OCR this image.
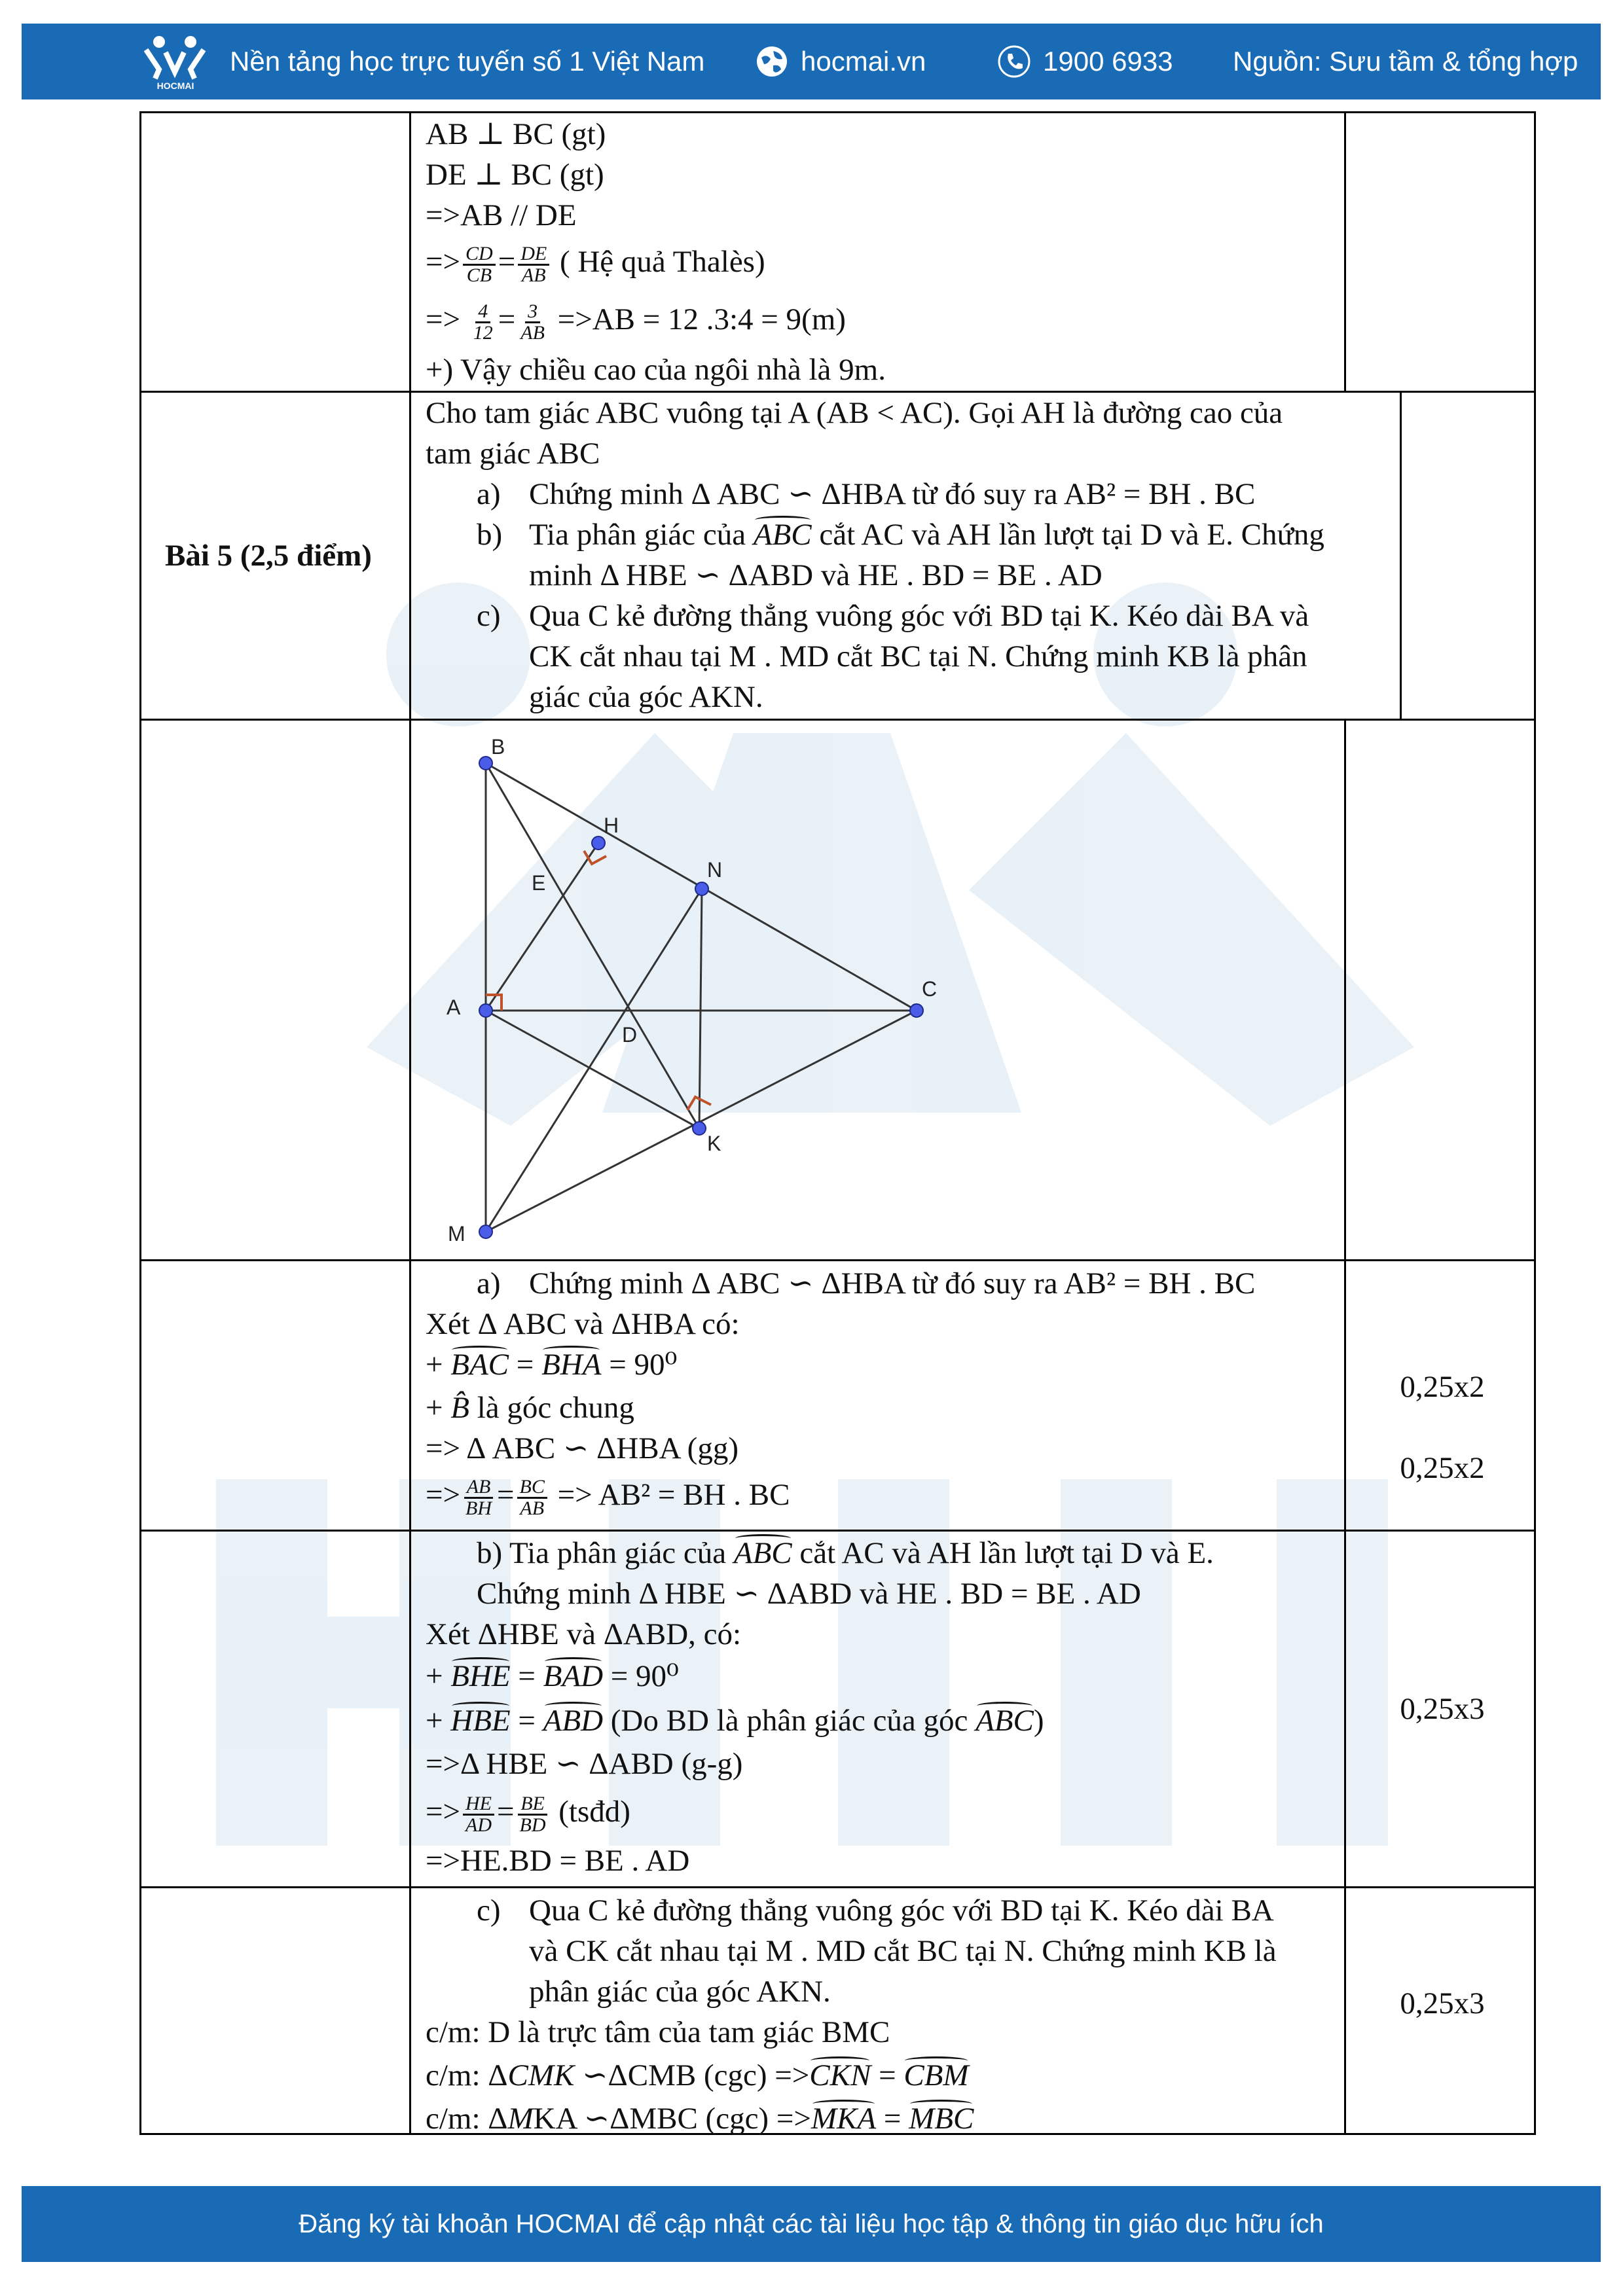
HOCMAI
Nền tảng học trực tuyến số 1 Việt Nam	hocmai.vn	1900 6933 Nguồn: Sưu tầm & tổng hợp
AB ⊥ BC (gt)
DE ⊥ BC (gt)
=>AB // DE
=> $\frac{CD}{CB} = \frac{DE}{AB}$ ( Hệ quả Thalès)
=> $\frac{4}{12} = \frac{3}{AB} =>AB = 12$ .3:4 = 9(m)
+) Vậy chiều cao của ngôi nhà là 9m.
Bài 5 (2,5 điểm)
Cho tam giác ABC vuông tại A (AB < AC). Gọi AH là đường cao của
tam giác ABC
a) Chứng minh Δ ABC ∽ ΔHBA từ đó suy ra AB² = BH . BC
b) Tia phân giác của ABC cắt AC và AH lần lượt tại D và E. Chứng
minh Δ HBE ∽ ΔABD và HE . BD = BE . AD
c) Qua C kẻ đường thẳng vuông góc với BD tại K. Kéo dài BA và
CK cắt nhau tại M . MD cắt BC tại N. Chứng minh KB là phân
giác của góc AKN.
B
H
E
N
C
A
D
K
M
a) Chứng minh Δ ABC ∽ ΔHBA từ đó suy ra AB² = BH . BC
Xét Δ ABC và ΔHBA có:
+ BAC = BHA = 90⁰
+ B̂ là góc chung
=> Δ ABC ∽ ΔHBA (gg)
=> $\frac{AB}{BH} = \frac{BC}{AB} => AB^2$ = BH . BC
0,25x2
0,25x2
b) Tia phân giác của ABC cắt AC và AH lần lượt tại D và E.
Chứng minh Δ HBE ∽ ΔABD và HE . BD = BE . AD
Xét ΔHBE và ΔABD, có:
+ BHE = BAD = 90⁰
+ HBE = ABD (Do BD là phân giác của góc ABC)
=>Δ HBE ∽ ΔABD (g-g)
=> $\frac{HE}{AD} = \frac{BE}{BD}$ (tsđd)
=>HE.BD = BE . AD
0,25x3
c) Qua C kẻ đường thẳng vuông góc với BD tại K. Kéo dài BA
và CK cắt nhau tại M . MD cắt BC tại N. Chứng minh KB là
phân giác của góc AKN.
c/m: D là trực tâm của tam giác BMC
c/m: ΔCMK ∽ΔCMB (cgc) =>CKN = CBM
c/m: ΔMKA ∽ΔMBC (cgc) =>MKA = MBC
0,25x3
Đăng ký tài khoản HOCMAI để cập nhật các tài liệu học tập & thông tin giáo dục hữu ích
